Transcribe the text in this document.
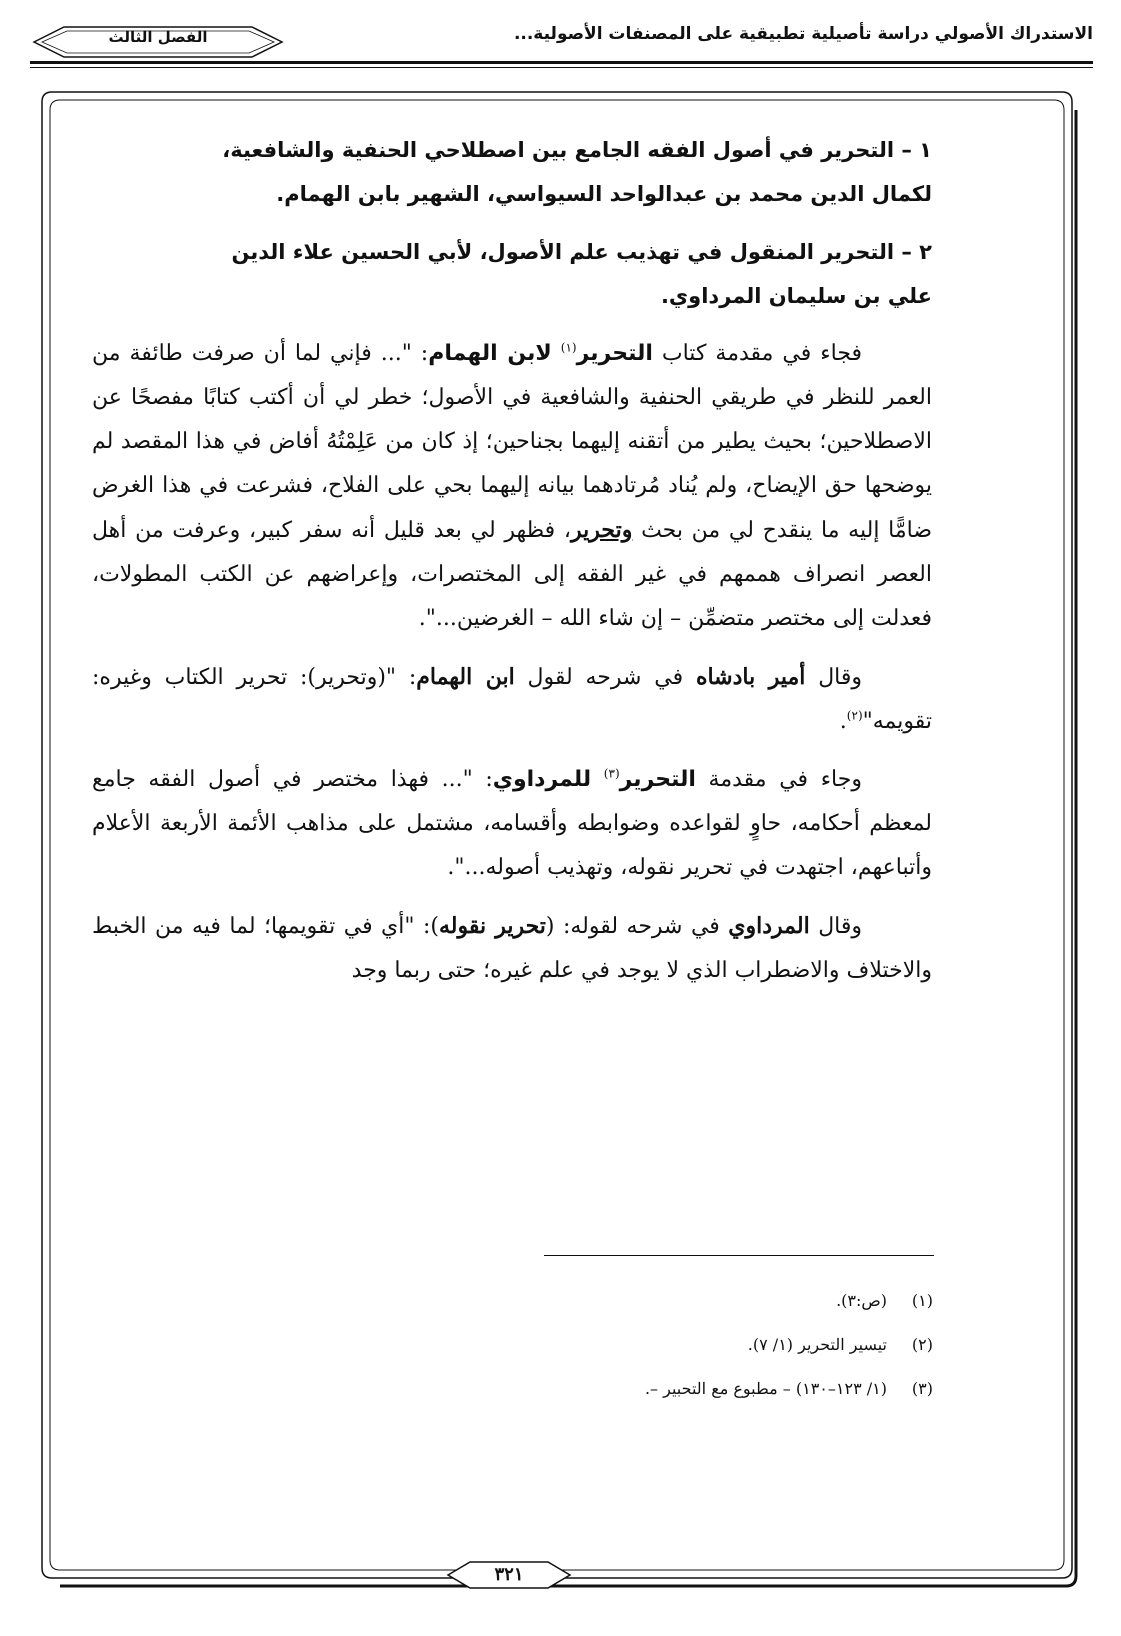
الاستدراك الأصولي دراسة تأصيلية تطبيقية على المصنفات الأصولية...
الفصل الثالث

١ – التحرير في أصول الفقه الجامع بين اصطلاحي الحنفية والشافعية،
لكمال الدين محمد بن عبدالواحد السيواسي، الشهير بابن الهمام.

٢ – التحرير المنقول في تهذيب علم الأصول، لأبي الحسين علاء الدين
علي بن سليمان المرداوي.

فجاء في مقدمة كتاب التحرير$^{(١)}$ لابن الهمام: "... فإني لما أن صرفت طائفة من العمر للنظر في طريقي الحنفية والشافعية في الأصول؛ خطر لي أن أكتب كتابًا مفصحًا عن الاصطلاحين؛ بحيث يطير من أتقنه إليهما بجناحين؛ إذ كان من عَلِمْتُهُ أفاض في هذا المقصد لم يوضحها حق الإيضاح، ولم يُناد مُرتادهما بيانه إليهما بحي على الفلاح، فشرعت في هذا الغرض ضامًّا إليه ما ينقدح لي من بحث وتحرير، فظهر لي بعد قليل أنه سفر كبير، وعرفت من أهل العصر انصراف هممهم في غير الفقه إلى المختصرات، وإعراضهم عن الكتب المطولات، فعدلت إلى مختصر متضمِّن – إن شاء الله – الغرضين...".

وقال أمير بادشاه في شرحه لقول ابن الهمام: "(وتحرير): تحرير الكتاب وغيره: تقويمه"$^{(٢)}$.

وجاء في مقدمة التحرير$^{(٣)}$ للمرداوي: "... فهذا مختصر في أصول الفقه جامع لمعظم أحكامه، حاوٍ لقواعده وضوابطه وأقسامه، مشتمل على مذاهب الأئمة الأربعة الأعلام وأتباعهم، اجتهدت في تحرير نقوله، وتهذيب أصوله...".

وقال المرداوي في شرحه لقوله: (تحرير نقوله): "أي في تقويمها؛ لما فيه من الخبط والاختلاف والاضطراب الذي لا يوجد في علم غيره؛ حتى ربما وجد

(١)(ص:٣).
(٢)تيسير التحرير (١/ ٧).
(٣)(١/ ١٢٣–١٣٠) – مطبوع مع التحبير –.
٣٢١
